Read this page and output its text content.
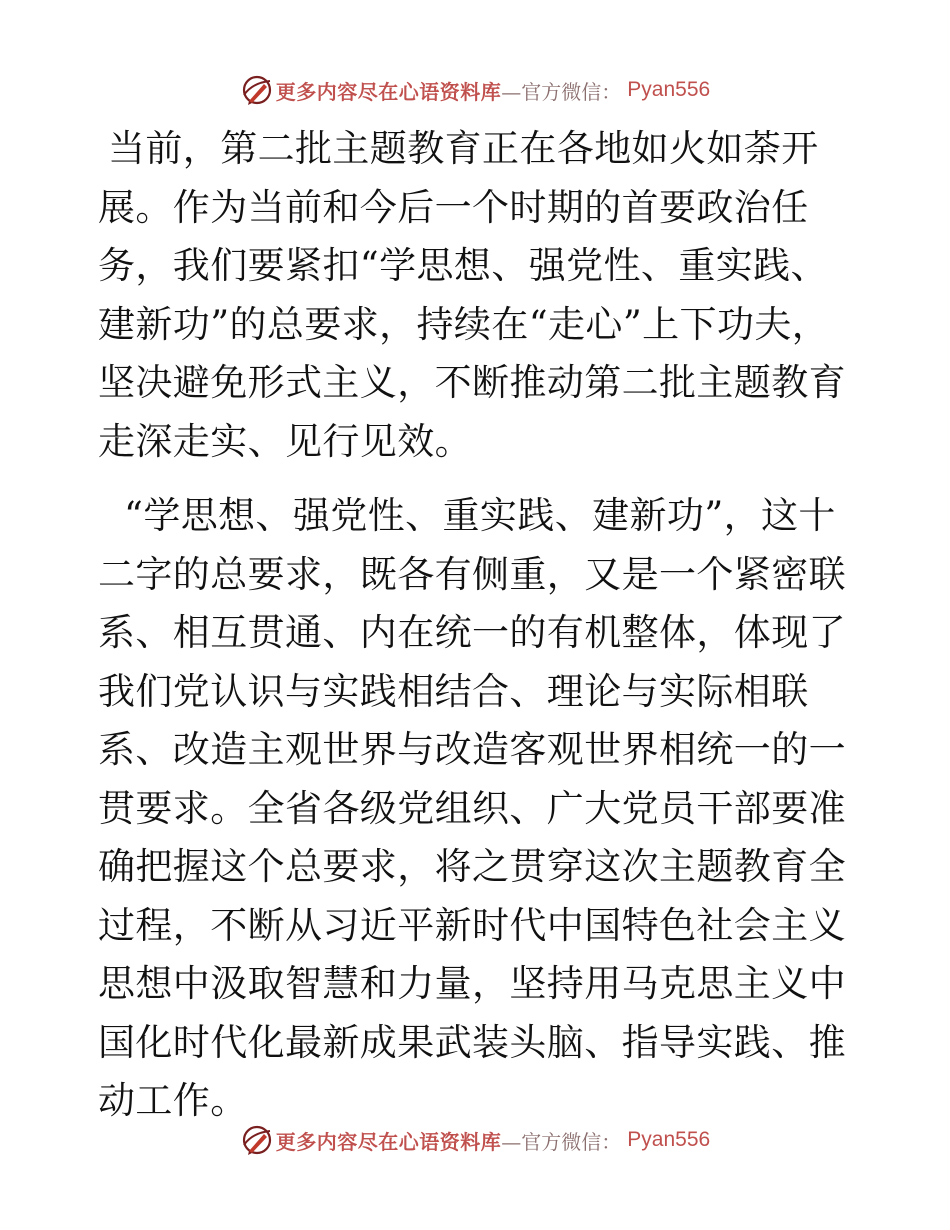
更多内容尽在心语资料库 —官方微信： Pyan556

当前，第二批主题教育正在各地如火如荼开展。作为当前和今后一个时期的首要政治任务，我们要紧扣“学思想、强党性、重实践、建新功”的总要求，持续在“走心”上下功夫，坚决避免形式主义，不断推动第二批主题教育走深走实、见行见效。

“学思想、强党性、重实践、建新功”，这十二字的总要求，既各有侧重，又是一个紧密联系、相互贯通、内在统一的有机整体，体现了我们党认识与实践相结合、理论与实际相联系、改造主观世界与改造客观世界相统一的一贯要求。全省各级党组织、广大党员干部要准确把握这个总要求，将之贯穿这次主题教育全过程，不断从习近平新时代中国特色社会主义思想中汲取智慧和力量，坚持用马克思主义中国化时代化最新成果武装头脑、指导实践、推动工作。

更多内容尽在心语资料库 —官方微信： Pyan556
